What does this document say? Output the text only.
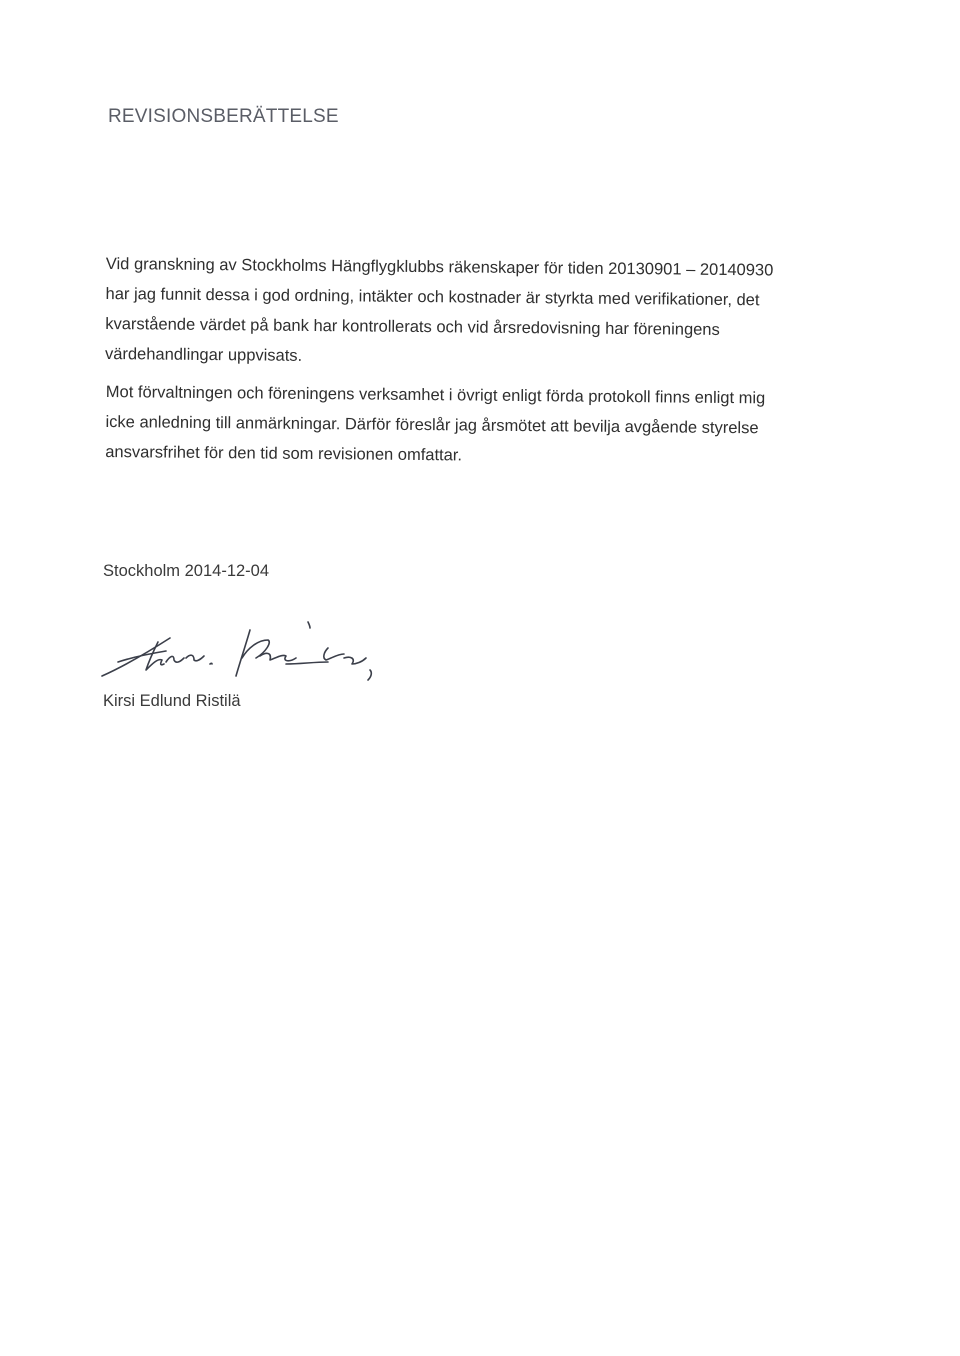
REVISIONSBERÄTTELSE
Vid granskning av Stockholms Hängflygklubbs räkenskaper för tiden 20130901 – 20140930
har jag funnit dessa i god ordning, intäkter och kostnader är styrkta med verifikationer, det
kvarstående värdet på bank har kontrollerats och vid årsredovisning har föreningens
värdehandlingar uppvisats.
Mot förvaltningen och föreningens verksamhet i övrigt enligt förda protokoll finns enligt mig
icke anledning till anmärkningar. Därför föreslår jag årsmötet att bevilja avgående styrelse
ansvarsfrihet för den tid som revisionen omfattar.
Stockholm 2014-12-04
Kirsi Edlund Ristilä
